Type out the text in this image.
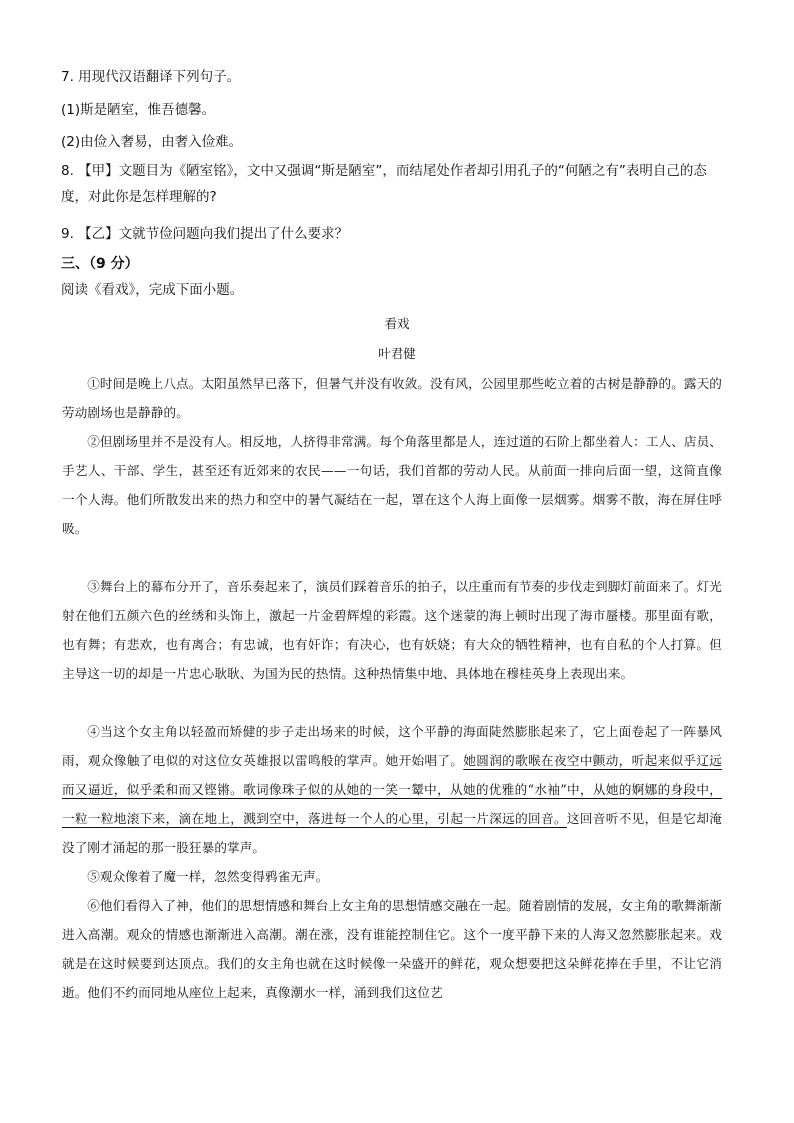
7. 用现代汉语翻译下列句子。
(1)斯是陋室，惟吾德馨。
(2)由俭入奢易，由奢入俭难。
8. 【甲】文题目为《陋室铭》，文中又强调“斯是陋室”，而结尾处作者却引用孔子的“何陋之有”表明自己的态度，对此你是怎样理解的?
9. 【乙】文就节俭问题向我们提出了什么要求？
三、（9 分）
阅读《看戏》，完成下面小题。
看戏
叶君健
①时间是晚上八点。太阳虽然早已落下，但暑气并没有收敛。没有风，公园里那些屹立着的古树是静静的。露天的劳动剧场也是静静的。
②但剧场里并不是没有人。相反地，人挤得非常满。每个角落里都是人，连过道的石阶上都坐着人：工人、店员、手艺人、干部、学生，甚至还有近郊来的农民——一句话，我们首都的劳动人民。从前面一排向后面一望，这简直像一个人海。他们所散发出来的热力和空中的暑气凝结在一起，罩在这个人海上面像一层烟雾。烟雾不散，海在屏住呼吸。
③舞台上的幕布分开了，音乐奏起来了，演员们踩着音乐的拍子，以庄重而有节奏的步伐走到脚灯前面来了。灯光射在他们五颜六色的丝绣和头饰上，激起一片金碧辉煌的彩霞。这个迷蒙的海上顿时出现了海市蜃楼。那里面有歌，也有舞；有悲欢，也有离合；有忠诚，也有奸诈；有决心，也有妖娆；有大众的牺牲精神，也有自私的个人打算。但主导这一切的却是一片忠心耿耿、为国为民的热情。这种热情集中地、具体地在穆桂英身上表现出来。
④当这个女主角以轻盈而矫健的步子走出场来的时候，这个平静的海面陡然膨胀起来了，它上面卷起了一阵暴风雨，观众像触了电似的对这位女英雄报以雷鸣般的掌声。她开始唱了。她圆润的歌喉在夜空中颤动，听起来似乎辽远而又逼近，似乎柔和而又铿锵。歌词像珠子似的从她的一笑一颦中，从她的优雅的“水袖”中，从她的婀娜的身段中，一粒一粒地滚下来，滴在地上，溅到空中，落进每一个人的心里，引起一片深远的回音。这回音听不见，但是它却淹没了刚才涌起的那一股狂暴的掌声。
⑤观众像着了魔一样，忽然变得鸦雀无声。
⑥他们看得入了神，他们的思想情感和舞台上女主角的思想情感交融在一起。随着剧情的发展，女主角的歌舞渐渐进入高潮。观众的情感也渐渐进入高潮。潮在涨，没有谁能控制住它。这个一度平静下来的人海又忽然膨胀起来。戏就是在这时候要到达顶点。我们的女主角也就在这时候像一朵盛开的鲜花，观众想要把这朵鲜花捧在手里，不让它消逝。他们不约而同地从座位上起来，真像潮水一样，涌到我们这位艺
